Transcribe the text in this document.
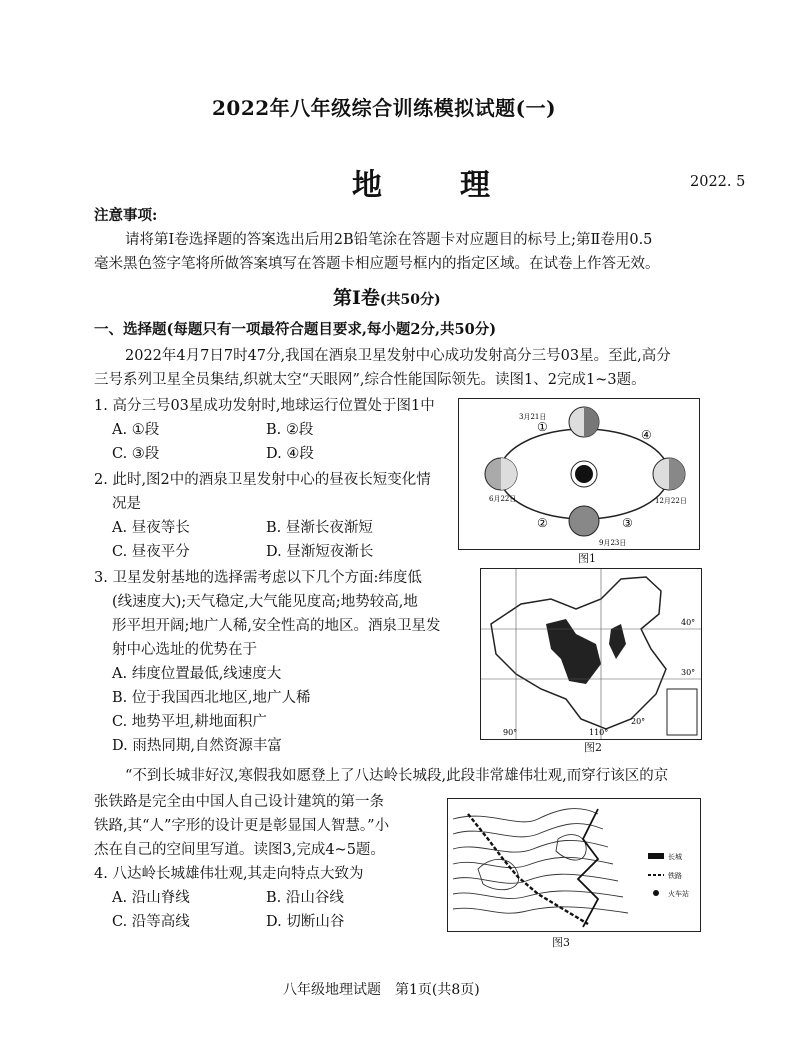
2022年八年级综合训练模拟试题(一)
地　理	2022. 5
注意事项:
请将第Ⅰ卷选择题的答案选出后用2B铅笔涂在答题卡对应题目的标号上;第Ⅱ卷用0.5
毫米黑色签字笔将所做答案填写在答题卡相应题号框内的指定区域。在试卷上作答无效。
第Ⅰ卷(共50分)
一、选择题(每题只有一项最符合题目要求,每小题2分,共50分)
2022年4月7日7时47分,我国在酒泉卫星发射中心成功发射高分三号03星。至此,高分
三号系列卫星全员集结,织就太空“天眼网”,综合性能国际领先。读图1、2完成1~3题。
1. 高分三号03星成功发射时,地球运行位置处于图1中
A. ①段	B. ②段
C. ③段	D. ④段
2. 此时,图2中的酒泉卫星发射中心的昼夜长短变化情
况是
A. 昼夜等长	B. 昼渐长夜渐短
C. 昼夜平分	D. 昼渐短夜渐长
3. 卫星发射基地的选择需考虑以下几个方面:纬度低
(线速度大);天气稳定,大气能见度高;地势较高,地
形平坦开阔;地广人稀,安全性高的地区。酒泉卫星发
射中心选址的优势在于
A. 纬度位置最低,线速度大
B. 位于我国西北地区,地广人稀
C. 地势平坦,耕地面积广
D. 雨热同期,自然资源丰富
“不到长城非好汉,寒假我如愿登上了八达岭长城段,此段非常雄伟壮观,而穿行该区的京
张铁路是完全由中国人自己设计建筑的第一条
铁路,其“人”字形的设计更是彰显国人智慧。”小
杰在自己的空间里写道。读图3,完成4~5题。
4. 八达岭长城雄伟壮观,其走向特点大致为
A. 沿山脊线	B. 沿山谷线
C. 沿等高线	D. 切断山谷
①
②	③
④
3月21日
6月22日	12月22日
9月23日
图1
40°
30°
20°
90°	110°
图2
长城
铁路
火车站
图3
八年级地理试题　第1页(共8页)
